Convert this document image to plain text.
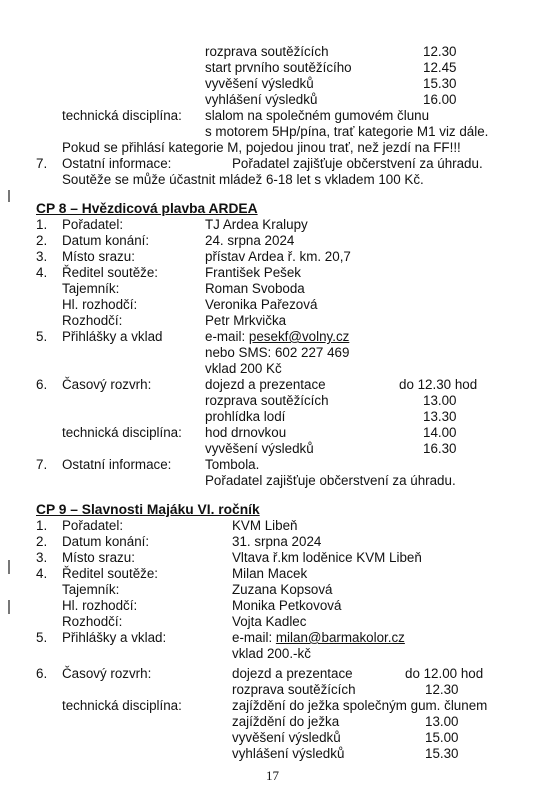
rozprava soutěžících	12.30
start prvního soutěžícího	12.45
vyvěšení výsledků	15.30
vyhlášení výsledků	16.00
technická disciplína: slalom na společném gumovém člunu
s motorem 5Hp/pína, trať kategorie M1 viz dále.
Pokud se přihlásí kategorie M, pojedou jinou trať, než jezdí na FF!!!
7. Ostatní informace:	Pořadatel zajišťuje občerstvení za úhradu.
Soutěže se může účastnit mládež 6-18 let s vkladem 100 Kč.
CP 8 – Hvězdicová plavba ARDEA
1. Pořadatel:	TJ Ardea Kralupy
2. Datum konání:	24. srpna 2024
3. Místo srazu:	přístav Ardea ř. km. 20,7
4. Ředitel soutěže:	František Pešek
Tajemník:	Roman Svoboda
Hl. rozhodčí:	Veronika Pařezová
Rozhodčí:	Petr Mrkvička
5. Přihlášky a vklad	e-mail: pesekf@volny.cz
nebo SMS: 602 227 469
vklad 200 Kč
6. Časový rozvrh:	dojezd a prezentace	do 12.30 hod
rozprava soutěžících	13.00
prohlídka lodí	13.30
technická disciplína: hod drnovkou	14.00
vyvěšení výsledků	16.30
7. Ostatní informace:	Tombola.
Pořadatel zajišťuje občerstvení za úhradu.
CP 9 – Slavnosti Majáku VI. ročník
1. Pořadatel:	KVM Libeň
2. Datum konání:	31. srpna 2024
3. Místo srazu:	Vltava ř.km loděnice KVM Libeň
4. Ředitel soutěže:	Milan Macek
Tajemník:	Zuzana Kopsová
Hl. rozhodčí:	Monika Petkovová
Rozhodčí:	Vojta Kadlec
5. Přihlášky a vklad:	e-mail: milan@barmakolor.cz
vklad 200.-kč
6. Časový rozvrh:	dojezd a prezentace	do 12.00 hod
rozprava soutěžících	12.30
technická disciplína:	zajíždění do ježka společným gum. člunem
zajíždění do ježka	13.00
vyvěšení výsledků	15.00
vyhlášení výsledků	15.30
17
